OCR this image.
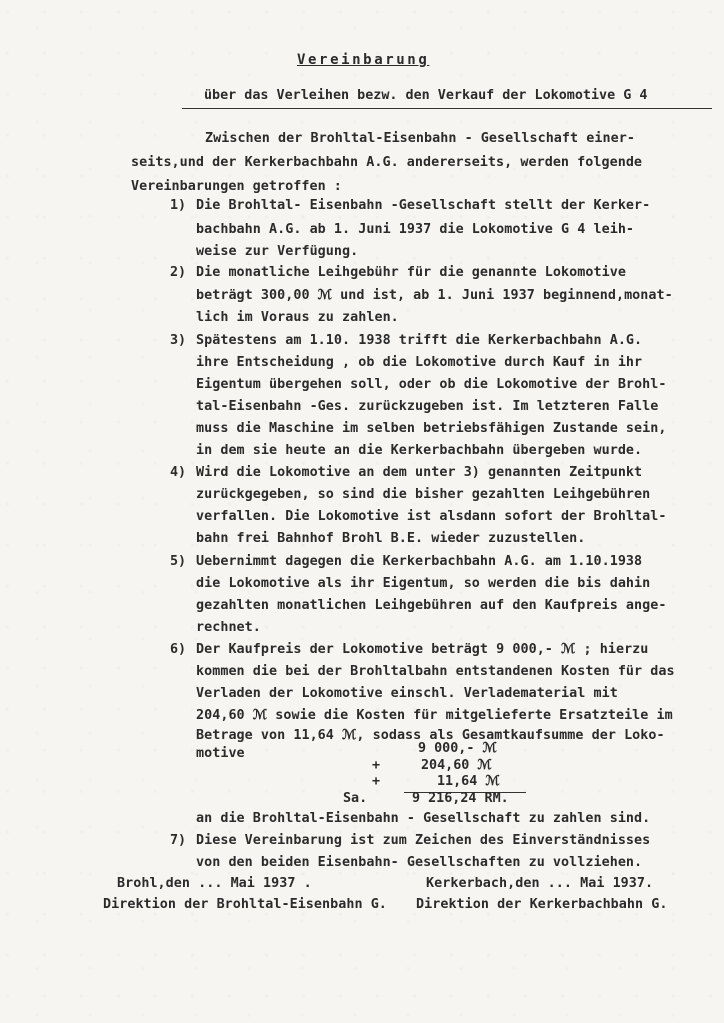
Vereinbarung
über das Verleihen bezw. den Verkauf der Lokomotive G 4
Zwischen der Brohltal-Eisenbahn - Gesellschaft einer-
seits,und der Kerkerbachbahn A.G. andererseits, werden folgende
Vereinbarungen getroffen :
1) Die Brohltal- Eisenbahn -Gesellschaft stellt der Kerker-
bachbahn A.G. ab 1. Juni 1937 die Lokomotive G 4 leih-
weise zur Verfügung.
2) Die monatliche Leihgebühr für die genannte Lokomotive
beträgt 300,00 ℳ und ist, ab 1. Juni 1937 beginnend,monat-
lich im Voraus zu zahlen.
3) Spätestens am 1.10. 1938 trifft die Kerkerbachbahn A.G.
ihre Entscheidung , ob die Lokomotive durch Kauf in ihr
Eigentum übergehen soll, oder ob die Lokomotive der Brohl-
tal-Eisenbahn -Ges. zurückzugeben ist. Im letzteren Falle
muss die Maschine im selben betriebsfähigen Zustande sein,
in dem sie heute an die Kerkerbachbahn übergeben wurde.
4) Wird die Lokomotive an dem unter 3) genannten Zeitpunkt
zurückgegeben, so sind die bisher gezahlten Leihgebühren
verfallen. Die Lokomotive ist alsdann sofort der Brohltal-
bahn frei Bahnhof Brohl B.E. wieder zuzustellen.
5) Uebernimmt dagegen die Kerkerbachbahn A.G. am 1.10.1938
die Lokomotive als ihr Eigentum, so werden die bis dahin
gezahlten monatlichen Leihgebühren auf den Kaufpreis ange-
rechnet.
6) Der Kaufpreis der Lokomotive beträgt 9 000,- ℳ ; hierzu
kommen die bei der Brohltalbahn entstandenen Kosten für das
Verladen der Lokomotive einschl. Verlademateriаl mit
204,60 ℳ sowie die Kosten für mitgelieferte Ersatzteile im
Betrage von 11,64 ℳ, sodass als Gesamtkaufsumme der Loko-
motive	9 000,- ℳ
+	204,60 ℳ
+	11,64 ℳ
Sa.	9 216,24 RM.
an die Brohltal-Eisenbahn - Gesellschaft zu zahlen sind.
7) Diese Vereinbarung ist zum Zeichen des Einverständnisses
von den beiden Eisenbahn- Gesellschaften zu vollziehen.
Brohl,den ... Mai 1937 .	Kerkerbach,den ... Mai 1937.
Direktion der Brohltal-Eisenbahn G. Direktion der Kerkerbachbahn G.
